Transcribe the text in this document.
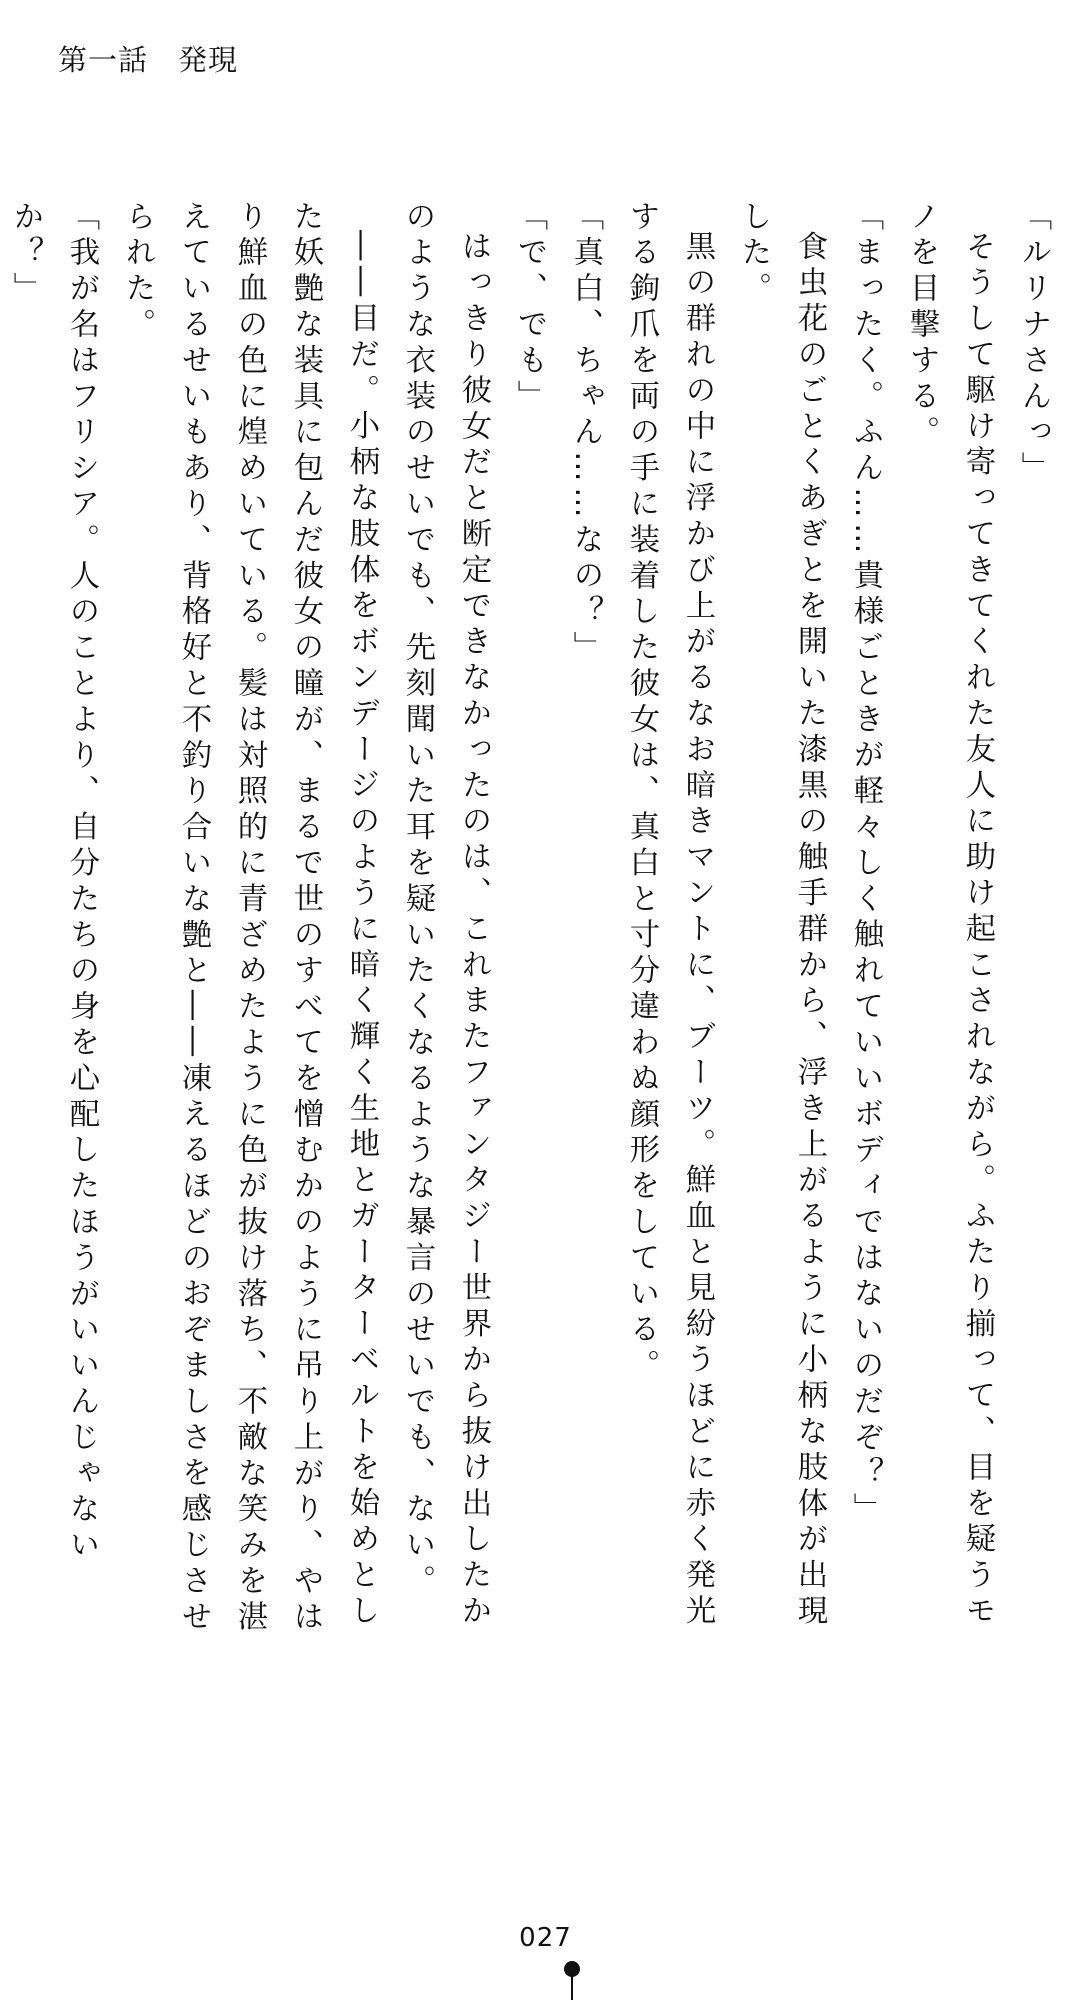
第一話　発現

「ルリナさんっ」

そうして駆け寄ってきてくれた友人に助け起こされながら。ふたり揃って、目を疑うモノを目撃する。

「まったく。ふん……貴様ごときが軽々しく触れていいボディではないのだぞ？」

食虫花のごとくあぎとを開いた漆黒の触手群から、浮き上がるように小柄な肢体が出現した。

黒の群れの中に浮かび上がるなお暗きマントに、ブーツ。鮮血と見紛うほどに赤く発光する鉤爪を両の手に装着した彼女は、真白と寸分違わぬ顔形をしている。

「真白、ちゃん……なの？」

「で、でも」

はっきり彼女だと断定できなかったのは、これまたファンタジー世界から抜け出したかのような衣装のせいでも、先刻聞いた耳を疑いたくなるような暴言のせいでも、ない。

――目だ。小柄な肢体をボンデージのように暗く輝く生地とガーターベルトを始めとした妖艶な装具に包んだ彼女の瞳が、まるで世のすべてを憎むかのように吊り上がり、やはり鮮血の色に煌めいている。髪は対照的に青ざめたように色が抜け落ち、不敵な笑みを湛えているせいもあり、背格好と不釣り合いな艶と――凍えるほどのおぞましさを感じさせられた。

「我が名はフリシア。人のことより、自分たちの身を心配したほうがいいんじゃないか？」

027
